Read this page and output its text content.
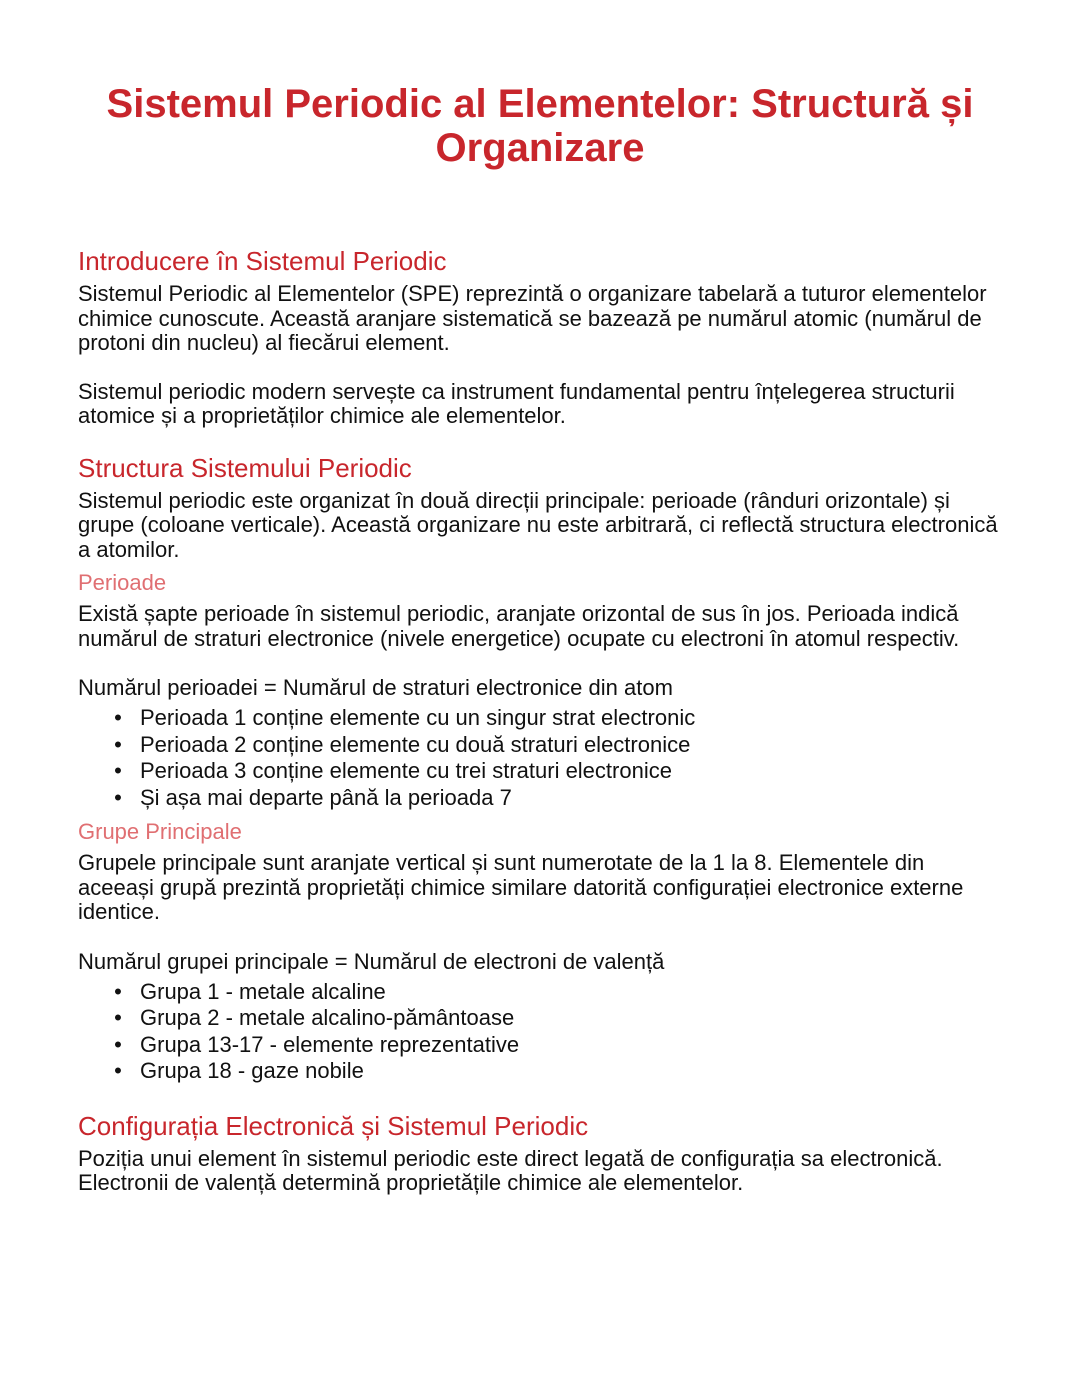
Sistemul Periodic al Elementelor: Structură și Organizare
Introducere în Sistemul Periodic

Sistemul Periodic al Elementelor (SPE) reprezintă o organizare tabelară a tuturor elementelor chimice cunoscute. Această aranjare sistematică se bazează pe numărul atomic (numărul de protoni din nucleu) al fiecărui element.

Sistemul periodic modern servește ca instrument fundamental pentru înțelegerea structurii atomice și a proprietăților chimice ale elementelor.

Structura Sistemului Periodic

Sistemul periodic este organizat în două direcții principale: perioade (rânduri orizontale) și grupe (coloane verticale). Această organizare nu este arbitrară, ci reflectă structura electronică a atomilor.

Perioade

Există șapte perioade în sistemul periodic, aranjate orizontal de sus în jos. Perioada indică numărul de straturi electronice (nivele energetice) ocupate cu electroni în atomul respectiv.

Numărul perioadei = Numărul de straturi electronice din atom

• Perioada 1 conține elemente cu un singur strat electronic
• Perioada 2 conține elemente cu două straturi electronice
• Perioada 3 conține elemente cu trei straturi electronice
• Și așa mai departe până la perioada 7
Grupe Principale

Grupele principale sunt aranjate vertical și sunt numerotate de la 1 la 8. Elementele din aceeași grupă prezintă proprietăți chimice similare datorită configurației electronice externe identice.

Numărul grupei principale = Numărul de electroni de valență

• Grupa 1 - metale alcaline
• Grupa 2 - metale alcalino-pământoase
• Grupa 13-17 - elemente reprezentative
• Grupa 18 - gaze nobile
Configurația Electronică și Sistemul Periodic

Poziția unui element în sistemul periodic este direct legată de configurația sa electronică. Electronii de valență determină proprietățile chimice ale elementelor.
